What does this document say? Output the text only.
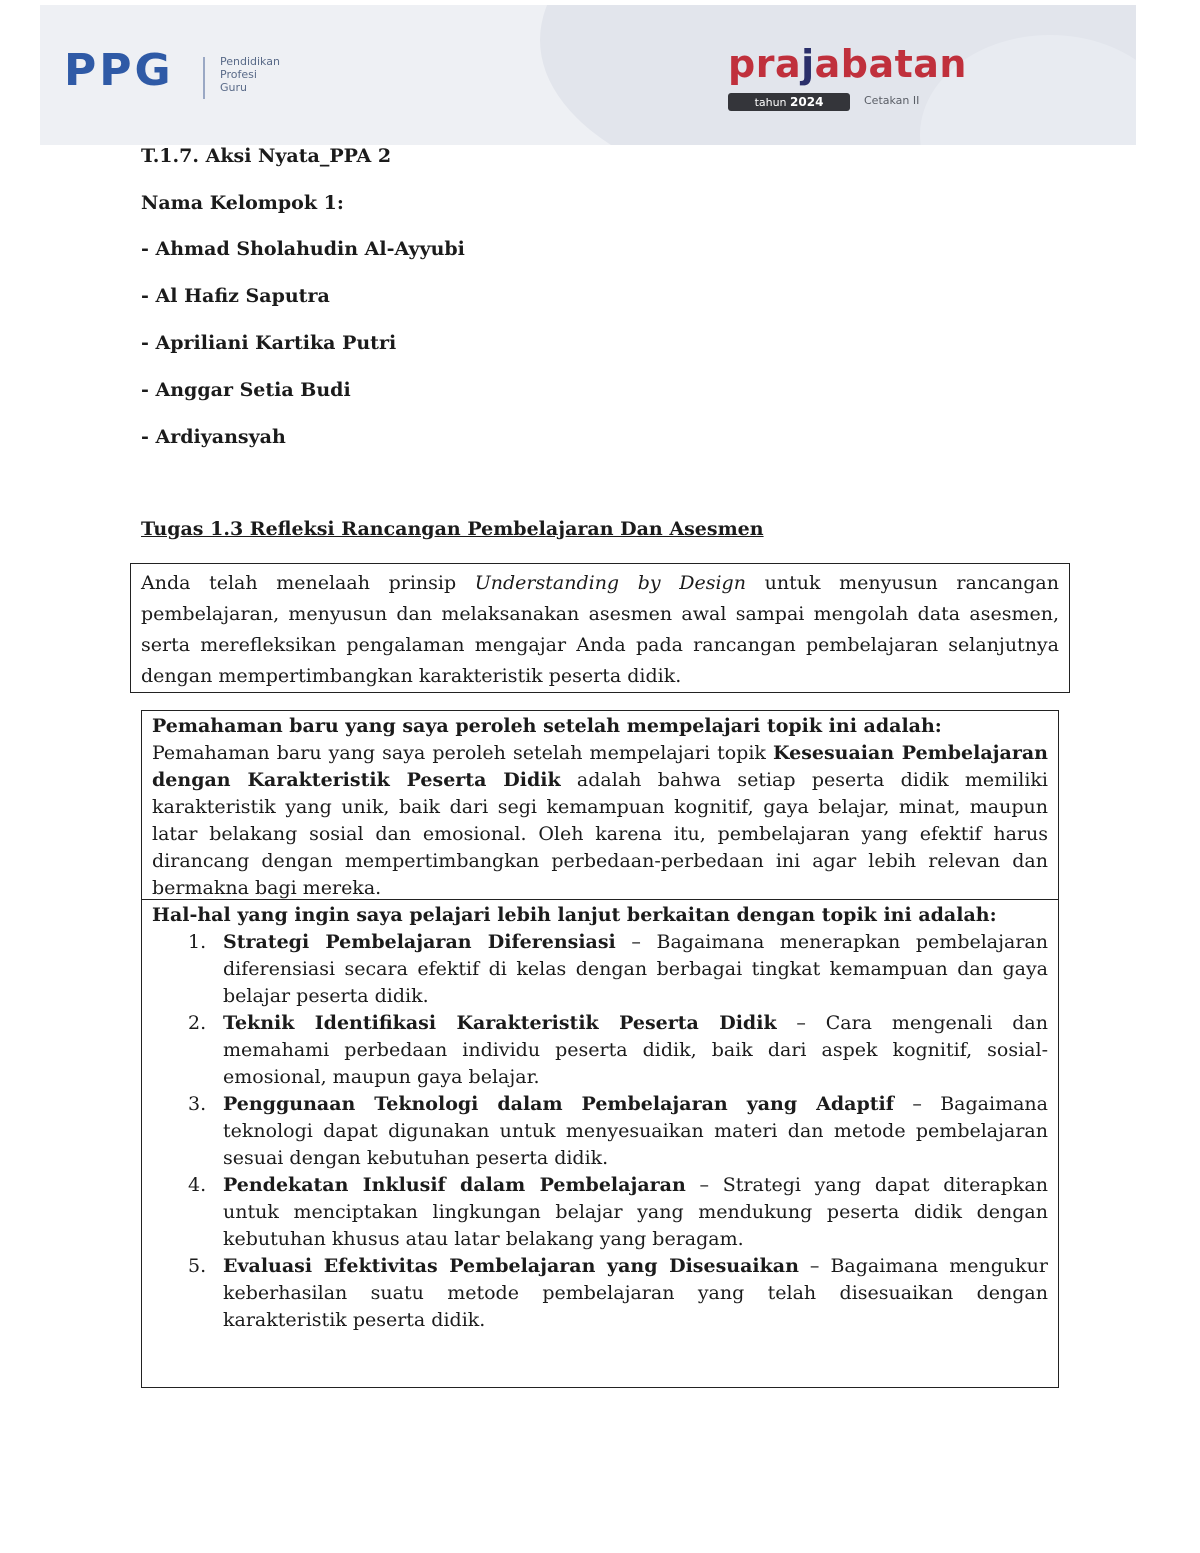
PPG	Pendidikan
Profesi
Guru
prajabatan
tahun 2024	Cetakan II
T.1.7. Aksi Nyata_PPA 2
Nama Kelompok 1:
- Ahmad Sholahudin Al-Ayyubi
- Al Hafiz Saputra
- Apriliani Kartika Putri
- Anggar Setia Budi
- Ardiyansyah
Tugas 1.3 Refleksi Rancangan Pembelajaran Dan Asesmen
Anda telah menelaah prinsip Understanding by Design untuk menyusun rancangan pembelajaran, menyusun dan melaksanakan asesmen awal sampai mengolah data asesmen, serta merefleksikan pengalaman mengajar Anda pada rancangan pembelajaran selanjutnya dengan mempertimbangkan karakteristik peserta didik.
Pemahaman baru yang saya peroleh setelah mempelajari topik ini adalah:

Pemahaman baru yang saya peroleh setelah mempelajari topik Kesesuaian Pembelajaran dengan Karakteristik Peserta Didik adalah bahwa setiap peserta didik memiliki karakteristik yang unik, baik dari segi kemampuan kognitif, gaya belajar, minat, maupun latar belakang sosial dan emosional. Oleh karena itu, pembelajaran yang efektif harus dirancang dengan mempertimbangkan perbedaan-perbedaan ini agar lebih relevan dan bermakna bagi mereka.

Hal-hal yang ingin saya pelajari lebih lanjut berkaitan dengan topik ini adalah:
1. Strategi Pembelajaran Diferensiasi – Bagaimana menerapkan pembelajaran diferensiasi secara efektif di kelas dengan berbagai tingkat kemampuan dan gaya belajar peserta didik.
2. Teknik Identifikasi Karakteristik Peserta Didik – Cara mengenali dan memahami perbedaan individu peserta didik, baik dari aspek kognitif, sosial-emosional, maupun gaya belajar.
3. Penggunaan Teknologi dalam Pembelajaran yang Adaptif – Bagaimana teknologi dapat digunakan untuk menyesuaikan materi dan metode pembelajaran sesuai dengan kebutuhan peserta didik.
4. Pendekatan Inklusif dalam Pembelajaran – Strategi yang dapat diterapkan untuk menciptakan lingkungan belajar yang mendukung peserta didik dengan kebutuhan khusus atau latar belakang yang beragam.
5. Evaluasi Efektivitas Pembelajaran yang Disesuaikan – Bagaimana mengukur keberhasilan suatu metode pembelajaran yang telah disesuaikan dengan karakteristik peserta didik.
